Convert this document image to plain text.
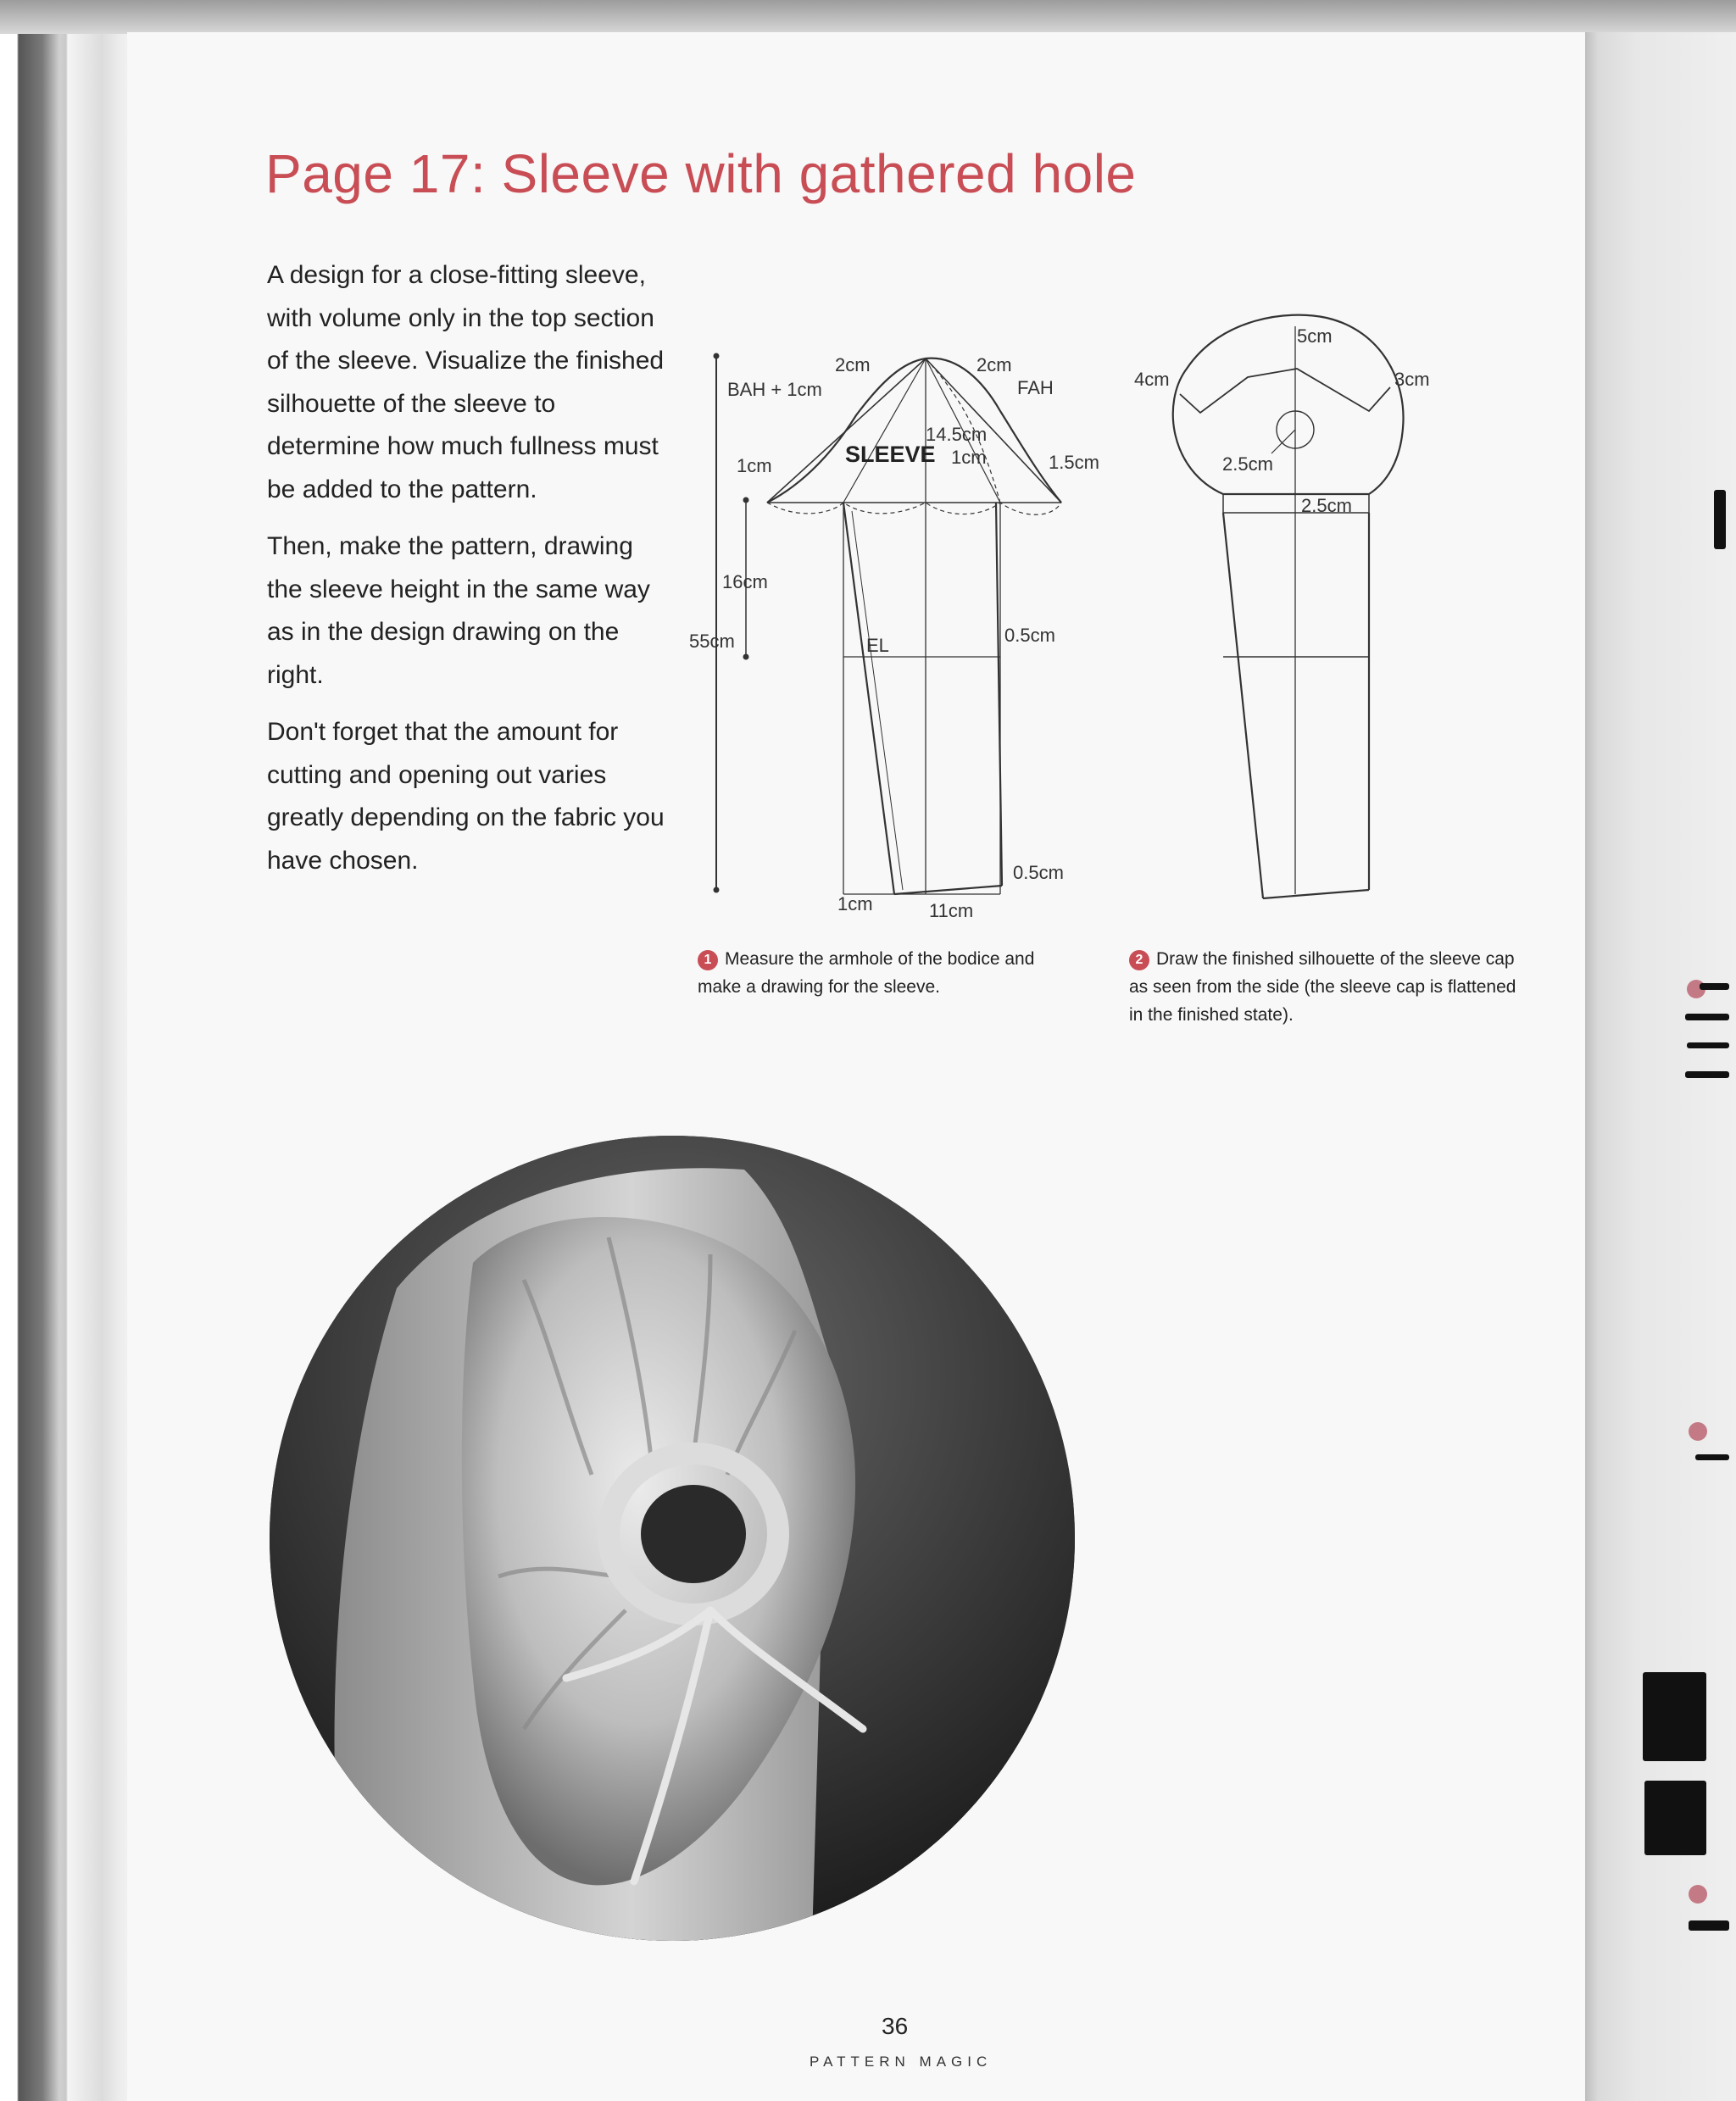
Page 17: Sleeve with gathered hole

A design for a close-fitting sleeve, with volume only in the top section of the sleeve. Visualize the finished silhouette of the sleeve to determine how much fullness must be added to the pattern.

Then, make the pattern, drawing the sleeve height in the same way as in the design drawing on the right.

Don't forget that the amount for cutting and opening out varies greatly depending on the fabric you have chosen.

2cm	2cm
BAH + 1cm	FAH
14.5cm
SLEEVE 1cm
1cm	1.5cm
16cm
55cm	EL	0.5cm
0.5cm
1cm	11cm
5cm
4cm	3cm
2.5cm
2.5cm
1 Measure the armhole of the bodice and make a drawing for the sleeve.
2 Draw the finished silhouette of the sleeve cap as seen from the side (the sleeve cap is flattened in the finished state).
36
PATTERN MAGIC
